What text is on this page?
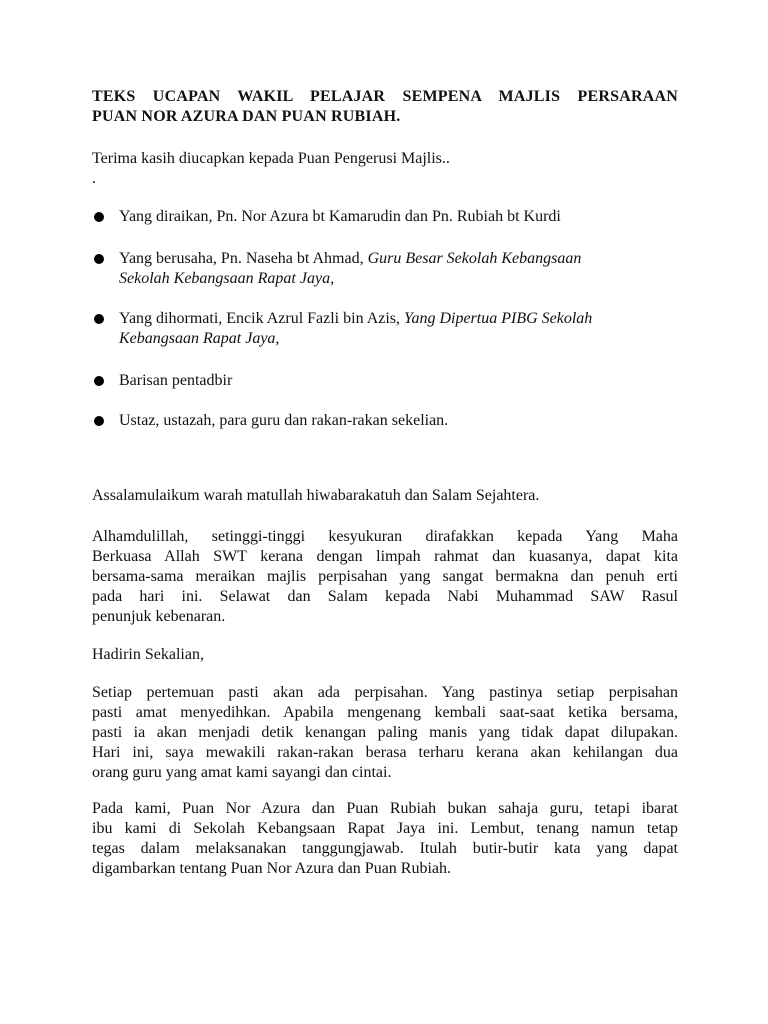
TEKS UCAPAN WAKIL PELAJAR SEMPENA MAJLIS PERSARAAN
PUAN NOR AZURA DAN PUAN RUBIAH.

Terima kasih diucapkan kepada Puan Pengerusi Majlis..

.

Yang diraikan, Pn. Nor Azura bt Kamarudin dan Pn. Rubiah bt Kurdi
Yang berusaha, Pn. Naseha bt Ahmad, Guru Besar Sekolah Kebangsaan
Sekolah Kebangsaan Rapat Jaya,
Yang dihormati, Encik Azrul Fazli bin Azis, Yang Dipertua PIBG Sekolah
Kebangsaan Rapat Jaya,
Barisan pentadbir
Ustaz, ustazah, para guru dan rakan-rakan sekelian.

Assalamulaikum warah matullah hiwabarakatuh dan Salam Sejahtera.

Alhamdulillah, setinggi-tinggi kesyukuran dirafakkan kepada Yang Maha
Berkuasa Allah SWT kerana dengan limpah rahmat dan kuasanya, dapat kita
bersama-sama meraikan majlis perpisahan yang sangat bermakna dan penuh erti
pada hari ini. Selawat dan Salam kepada Nabi Muhammad SAW Rasul
penunjuk kebenaran.

Hadirin Sekalian,

Setiap pertemuan pasti akan ada perpisahan. Yang pastinya setiap perpisahan
pasti amat menyedihkan. Apabila mengenang kembali saat-saat ketika bersama,
pasti ia akan menjadi detik kenangan paling manis yang tidak dapat dilupakan.
Hari ini, saya mewakili rakan-rakan berasa terharu kerana akan kehilangan dua
orang guru yang amat kami sayangi dan cintai.
Pada kami, Puan Nor Azura dan Puan Rubiah bukan sahaja guru, tetapi ibarat
ibu kami di Sekolah Kebangsaan Rapat Jaya ini. Lembut, tenang namun tetap
tegas dalam melaksanakan tanggungjawab. Itulah butir-butir kata yang dapat
digambarkan tentang Puan Nor Azura dan Puan Rubiah.
